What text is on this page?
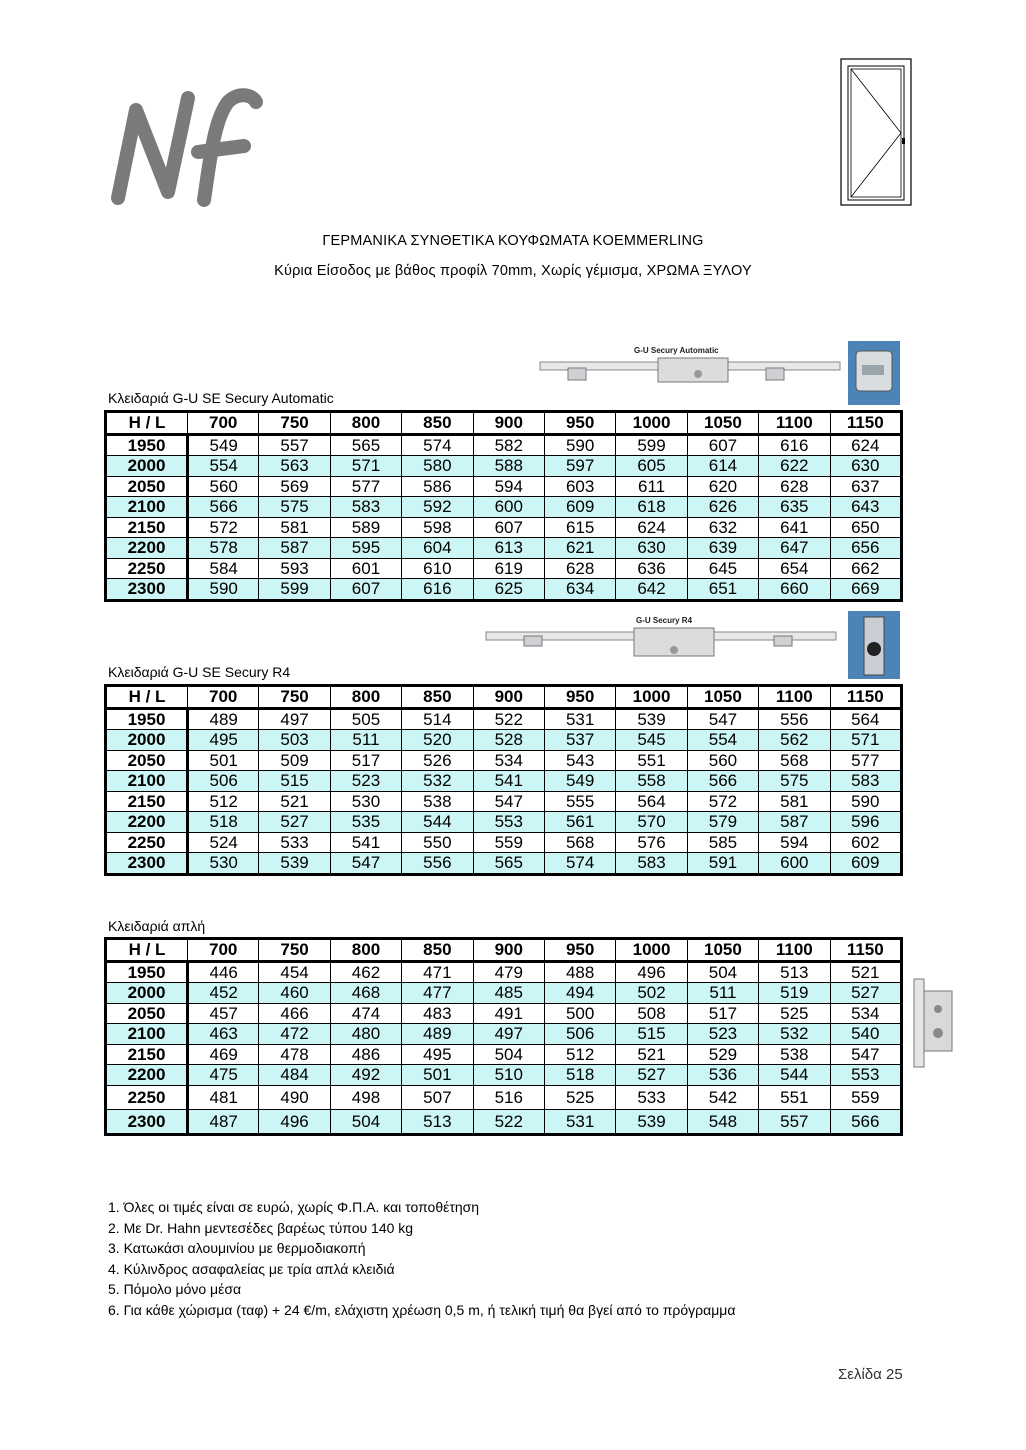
ΓΕΡΜΑΝΙΚΑ ΣΥΝΘΕΤΙΚΑ ΚΟΥΦΩΜΑΤΑ KOEMMERLING
Κύρια Είσοδος με βάθος προφίλ 70mm, Χωρίς γέμισμα, ΧΡΩΜΑ ΞΥΛΟΥ
G-U Secury Automatic
Κλειδαριά G-U SE Secury Automatic
H / L	700	750	800	850	900	950	1000	1050	1100	1150
1950	549	557	565	574	582	590	599	607	616	624
2000	554	563	571	580	588	597	605	614	622	630
2050	560	569	577	586	594	603	611	620	628	637
2100	566	575	583	592	600	609	618	626	635	643
2150	572	581	589	598	607	615	624	632	641	650
2200	578	587	595	604	613	621	630	639	647	656
2250	584	593	601	610	619	628	636	645	654	662
2300	590	599	607	616	625	634	642	651	660	669
G-U Secury R4
Κλειδαριά G-U SE Secury R4
H / L	700	750	800	850	900	950	1000	1050	1100	1150
1950	489	497	505	514	522	531	539	547	556	564
2000	495	503	511	520	528	537	545	554	562	571
2050	501	509	517	526	534	543	551	560	568	577
2100	506	515	523	532	541	549	558	566	575	583
2150	512	521	530	538	547	555	564	572	581	590
2200	518	527	535	544	553	561	570	579	587	596
2250	524	533	541	550	559	568	576	585	594	602
2300	530	539	547	556	565	574	583	591	600	609
Κλειδαριά απλή
H / L	700	750	800	850	900	950	1000	1050	1100	1150
1950	446	454	462	471	479	488	496	504	513	521
2000	452	460	468	477	485	494	502	511	519	527
2050	457	466	474	483	491	500	508	517	525	534
2100	463	472	480	489	497	506	515	523	532	540
2150	469	478	486	495	504	512	521	529	538	547
2200	475	484	492	501	510	518	527	536	544	553
2250	481	490	498	507	516	525	533	542	551	559
2300	487	496	504	513	522	531	539	548	557	566
1. Όλες οι τιμές είναι σε ευρώ, χωρίς Φ.Π.Α. και τοποθέτηση
2. Με Dr. Hahn μεντεσέδες βαρέως τύπου 140 kg
3. Κατωκάσι αλουμινίου με θερμοδιακοπή
4. Κύλινδρος ασαφαλείας με τρία απλά κλειδιά
5. Πόμολο μόνο μέσα
6. Για κάθε χώρισμα (ταφ) + 24 €/m, ελάχιστη χρέωση 0,5 m, ή τελική τιμή θα βγεί από το πρόγραμμα
Σελίδα 25
